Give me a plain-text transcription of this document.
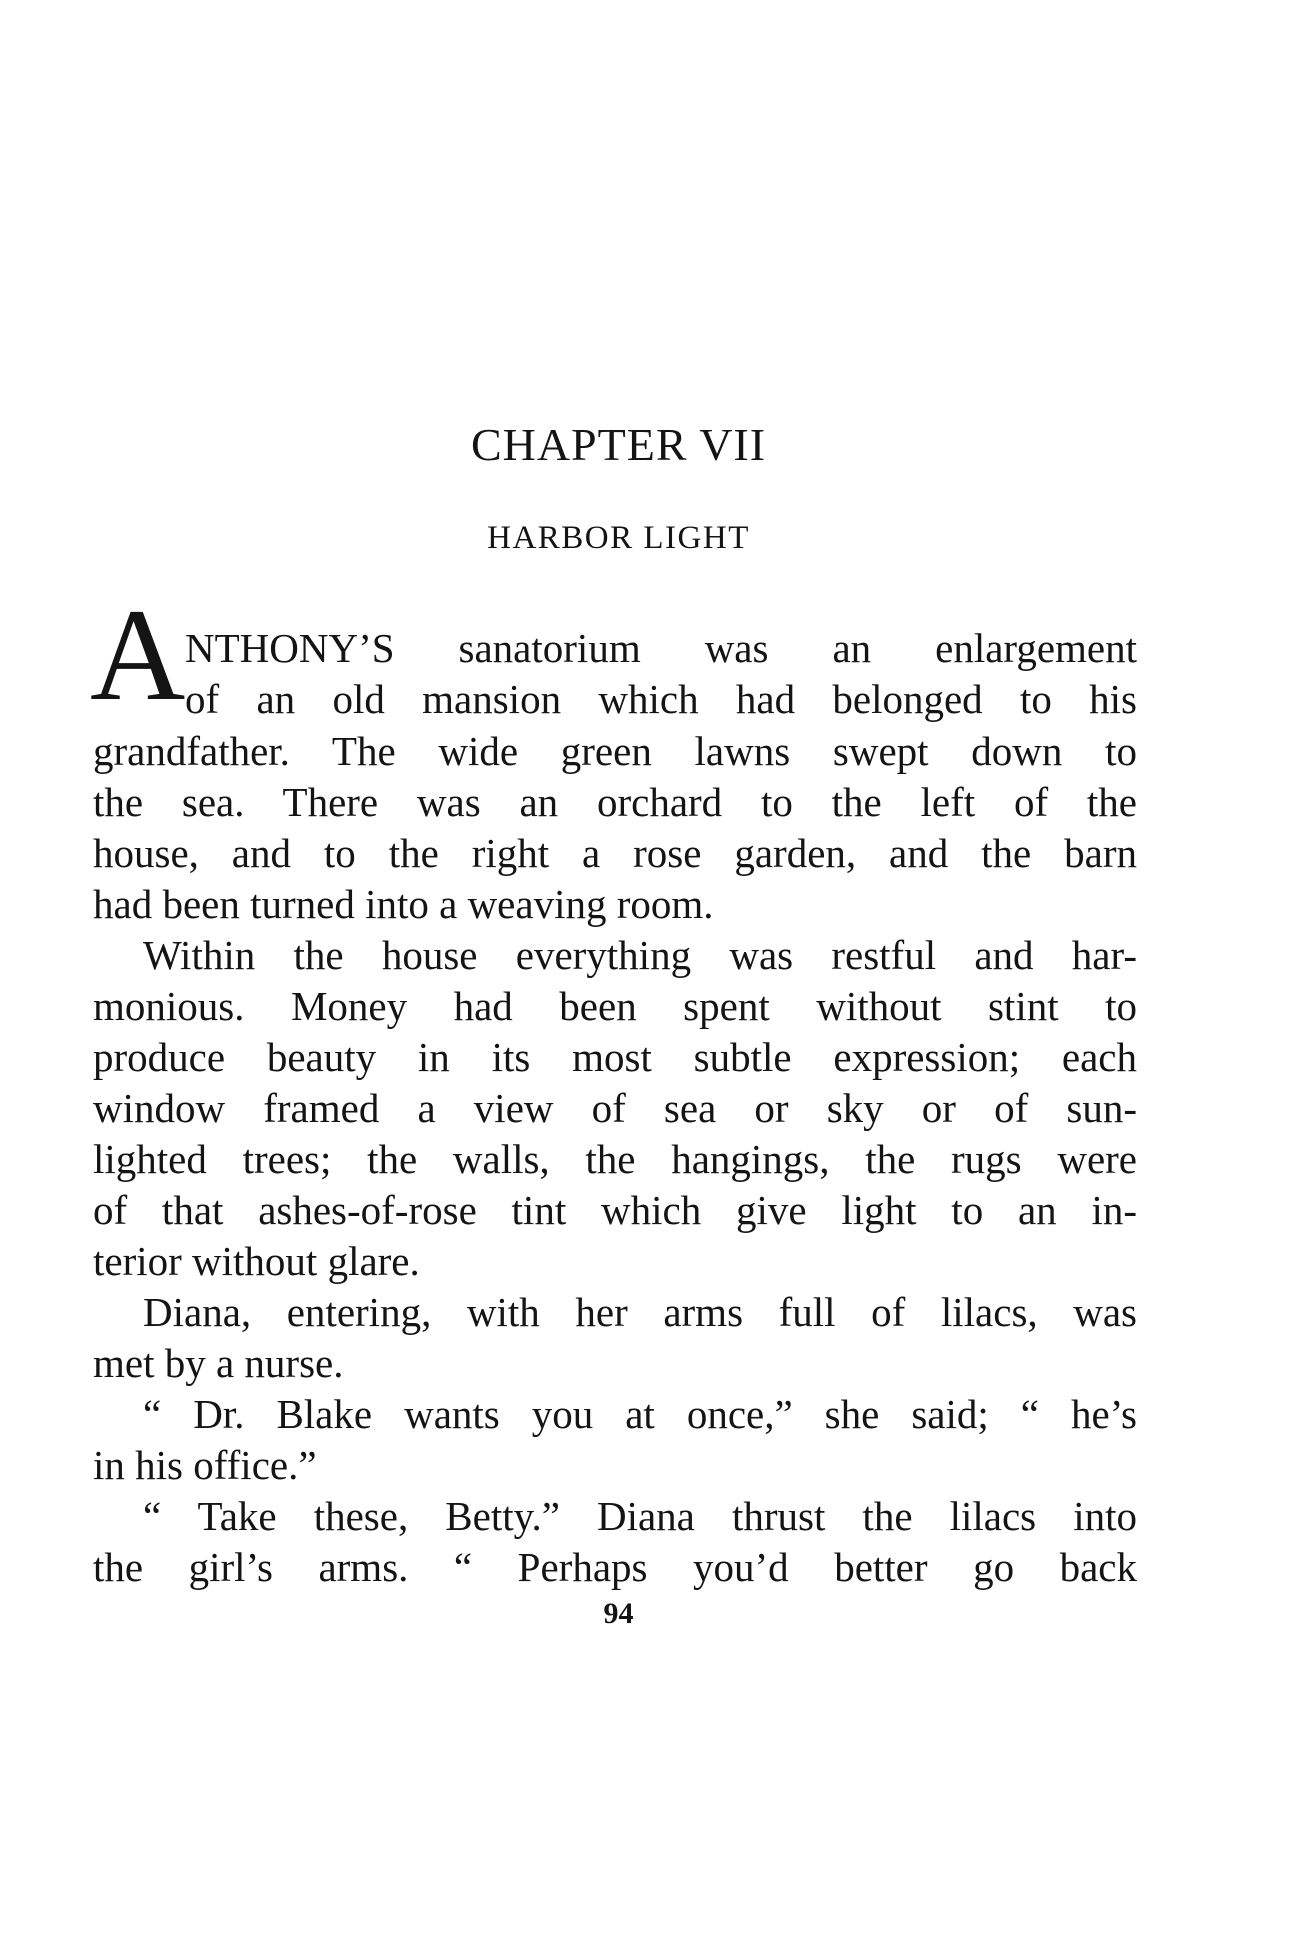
CHAPTER VII
HARBOR LIGHT
A NTHONY’S sanatorium was an enlargement
of an old mansion which had belonged to his
grandfather. The wide green lawns swept down to
the sea. There was an orchard to the left of the
house, and to the right a rose garden, and the barn
had been turned into a weaving room.
Within the house everything was restful and har-
monious. Money had been spent without stint to
produce beauty in its most subtle expression; each
window framed a view of sea or sky or of sun-
lighted trees; the walls, the hangings, the rugs were
of that ashes-of-rose tint which give light to an in-
terior without glare.
Diana, entering, with her arms full of lilacs, was
met by a nurse.
“ Dr. Blake wants you at once,” she said; “ he’s
in his office.”
“ Take these, Betty.” Diana thrust the lilacs into
the girl’s arms. “ Perhaps you’d better go back
94
